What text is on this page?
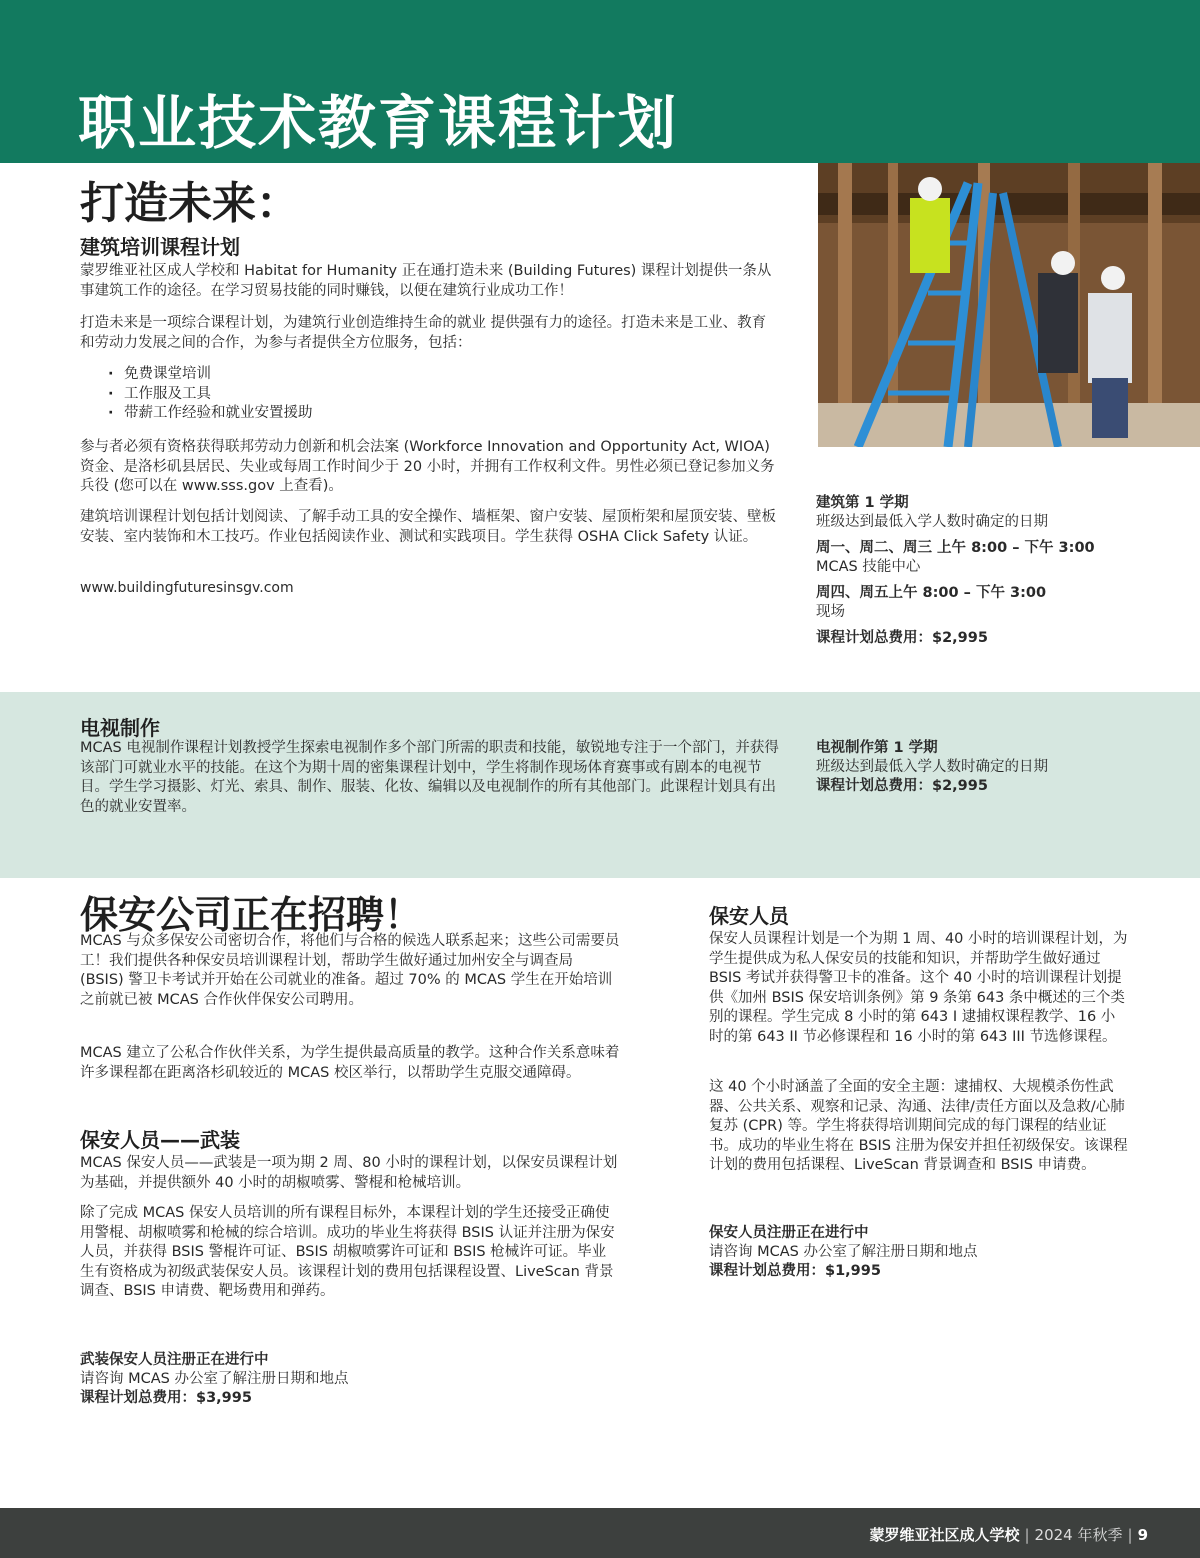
职业技术教育课程计划
打造未来：
建筑培训课程计划

蒙罗维亚社区成人学校和 Habitat for Humanity 正在通打造未来 (Building Futures) 课程计划提供一条从事建筑工作的途径。在学习贸易技能的同时赚钱，以便在建筑行业成功工作！

打造未来是一项综合课程计划，为建筑行业创造维持生命的就业 提供强有力的途径。打造未来是工业、教育和劳动力发展之间的合作，为参与者提供全方位服务，包括：

· 免费课堂培训
· 工作服及工具
· 带薪工作经验和就业安置援助

参与者必须有资格获得联邦劳动力创新和机会法案 (Workforce Innovation and Opportunity Act, WIOA) 资金、是洛杉矶县居民、失业或每周工作时间少于 20 小时，并拥有工作权利文件。男性必须已登记参加义务兵役 (您可以在 www.sss.gov 上查看)。

建筑培训课程计划包括计划阅读、了解手动工具的安全操作、墙框架、窗户安装、屋顶桁架和屋顶安装、壁板安装、室内装饰和木工技巧。作业包括阅读作业、测试和实践项目。学生获得 OSHA Click Safety 认证。

www.buildingfuturesinsgv.com
建筑第 1 学期
班级达到最低入学人数时确定的日期
周一、周二、周三 上午 8:00 – 下午 3:00
MCAS 技能中心
周四、周五上午 8:00 – 下午 3:00
现场
课程计划总费用：$2,995
电视制作

MCAS 电视制作课程计划教授学生探索电视制作多个部门所需的职责和技能，敏锐地专注于一个部门，并获得该部门可就业水平的技能。在这个为期十周的密集课程计划中，学生将制作现场体育赛事或有剧本的电视节目。学生学习摄影、灯光、索具、制作、服装、化妆、编辑以及电视制作的所有其他部门。此课程计划具有出色的就业安置率。

电视制作第 1 学期
班级达到最低入学人数时确定的日期
课程计划总费用：$2,995
保安公司正在招聘！

MCAS 与众多保安公司密切合作，将他们与合格的候选人联系起来；这些公司需要员工！我们提供各种保安员培训课程计划，帮助学生做好通过加州安全与调查局 (BSIS) 警卫卡考试并开始在公司就业的准备。超过 70% 的 MCAS 学生在开始培训之前就已被 MCAS 合作伙伴保安公司聘用。

MCAS 建立了公私合作伙伴关系，为学生提供最高质量的教学。这种合作关系意味着许多课程都在距离洛杉矶较近的 MCAS 校区举行，以帮助学生克服交通障碍。

保安人员——武装

MCAS 保安人员——武装是一项为期 2 周、80 小时的课程计划，以保安员课程计划为基础，并提供额外 40 小时的胡椒喷雾、警棍和枪械培训。

除了完成 MCAS 保安人员培训的所有课程目标外，本课程计划的学生还接受正确使用警棍、胡椒喷雾和枪械的综合培训。成功的毕业生将获得 BSIS 认证并注册为保安人员，并获得 BSIS 警棍许可证、BSIS 胡椒喷雾许可证和 BSIS 枪械许可证。毕业生有资格成为初级武装保安人员。该课程计划的费用包括课程设置、LiveScan 背景调查、BSIS 申请费、靶场费用和弹药。

武装保安人员注册正在进行中
请咨询 MCAS 办公室了解注册日期和地点
课程计划总费用：$3,995
保安人员

保安人员课程计划是一个为期 1 周、40 小时的培训课程计划，为学生提供成为私人保安员的技能和知识，并帮助学生做好通过 BSIS 考试并获得警卫卡的准备。这个 40 小时的培训课程计划提供《加州 BSIS 保安培训条例》第 9 条第 643 条中概述的三个类别的课程。学生完成 8 小时的第 643 I 逮捕权课程教学、16 小时的第 643 II 节必修课程和 16 小时的第 643 III 节选修课程。

这 40 个小时涵盖了全面的安全主题：逮捕权、大规模杀伤性武器、公共关系、观察和记录、沟通、法律/责任方面以及急救/心肺复苏 (CPR) 等。学生将获得培训期间完成的每门课程的结业证书。成功的毕业生将在 BSIS 注册为保安并担任初级保安。该课程计划的费用包括课程、LiveScan 背景调查和 BSIS 申请费。

保安人员注册正在进行中
请咨询 MCAS 办公室了解注册日期和地点
课程计划总费用：$1,995
蒙罗维亚社区成人学校 | 2024 年秋季 | 9
